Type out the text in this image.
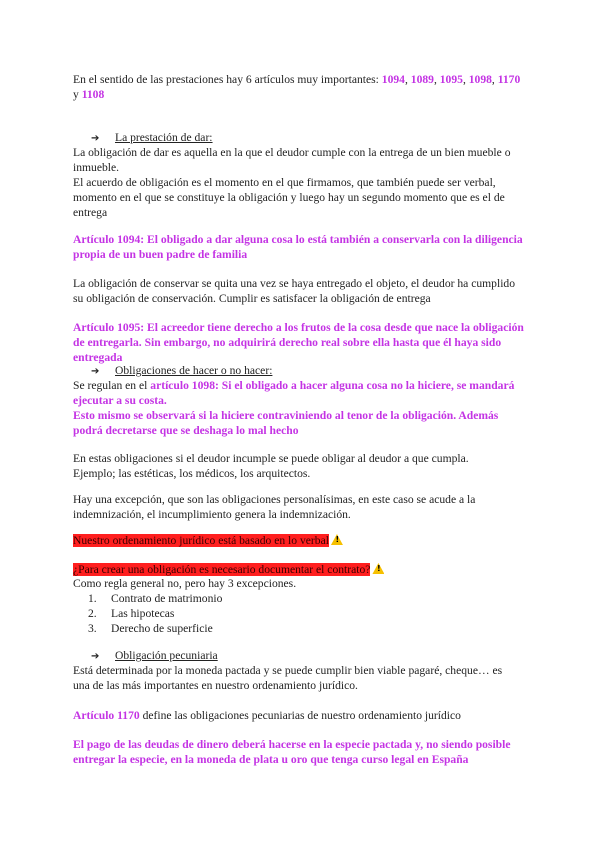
En el sentido de las prestaciones hay 6 artículos muy importantes: 1094, 1089, 1095, 1098, 1170
y 1108
➔ La prestación de dar:
La obligación de dar es aquella en la que el deudor cumple con la entrega de un bien mueble o
inmueble.
El acuerdo de obligación es el momento en el que firmamos, que también puede ser verbal,
momento en el que se constituye la obligación y luego hay un segundo momento que es el de
entrega
Artículo 1094: El obligado a dar alguna cosa lo está también a conservarla con la diligencia
propia de un buen padre de familia
La obligación de conservar se quita una vez se haya entregado el objeto, el deudor ha cumplido
su obligación de conservación. Cumplir es satisfacer la obligación de entrega
Artículo 1095: El acreedor tiene derecho a los frutos de la cosa desde que nace la obligación
de entregarla. Sin embargo, no adquirirá derecho real sobre ella hasta que él haya sido
entregada
➔ Obligaciones de hacer o no hacer:
Se regulan en el artículo 1098: Si el obligado a hacer alguna cosa no la hiciere, se mandará
ejecutar a su costa.
Esto mismo se observará si la hiciere contraviniendo al tenor de la obligación. Además
podrá decretarse que se deshaga lo mal hecho
En estas obligaciones si el deudor incumple se puede obligar al deudor a que cumpla.
Ejemplo; las estéticas, los médicos, los arquitectos.
Hay una excepción, que son las obligaciones personalísimas, en este caso se acude a la
indemnización, el incumplimiento genera la indemnización.
Nuestro ordenamiento jurídico está basado en lo verbal!
¿Para crear una obligación es necesario documentar el contrato?!
Como regla general no, pero hay 3 excepciones.
1. Contrato de matrimonio
2. Las hipotecas
3. Derecho de superficie
➔ Obligación pecuniaria
Está determinada por la moneda pactada y se puede cumplir bien viable pagaré, cheque… es
una de las más importantes en nuestro ordenamiento jurídico.
Artículo 1170 define las obligaciones pecuniarias de nuestro ordenamiento jurídico
El pago de las deudas de dinero deberá hacerse en la especie pactada y, no siendo posible
entregar la especie, en la moneda de plata u oro que tenga curso legal en España
